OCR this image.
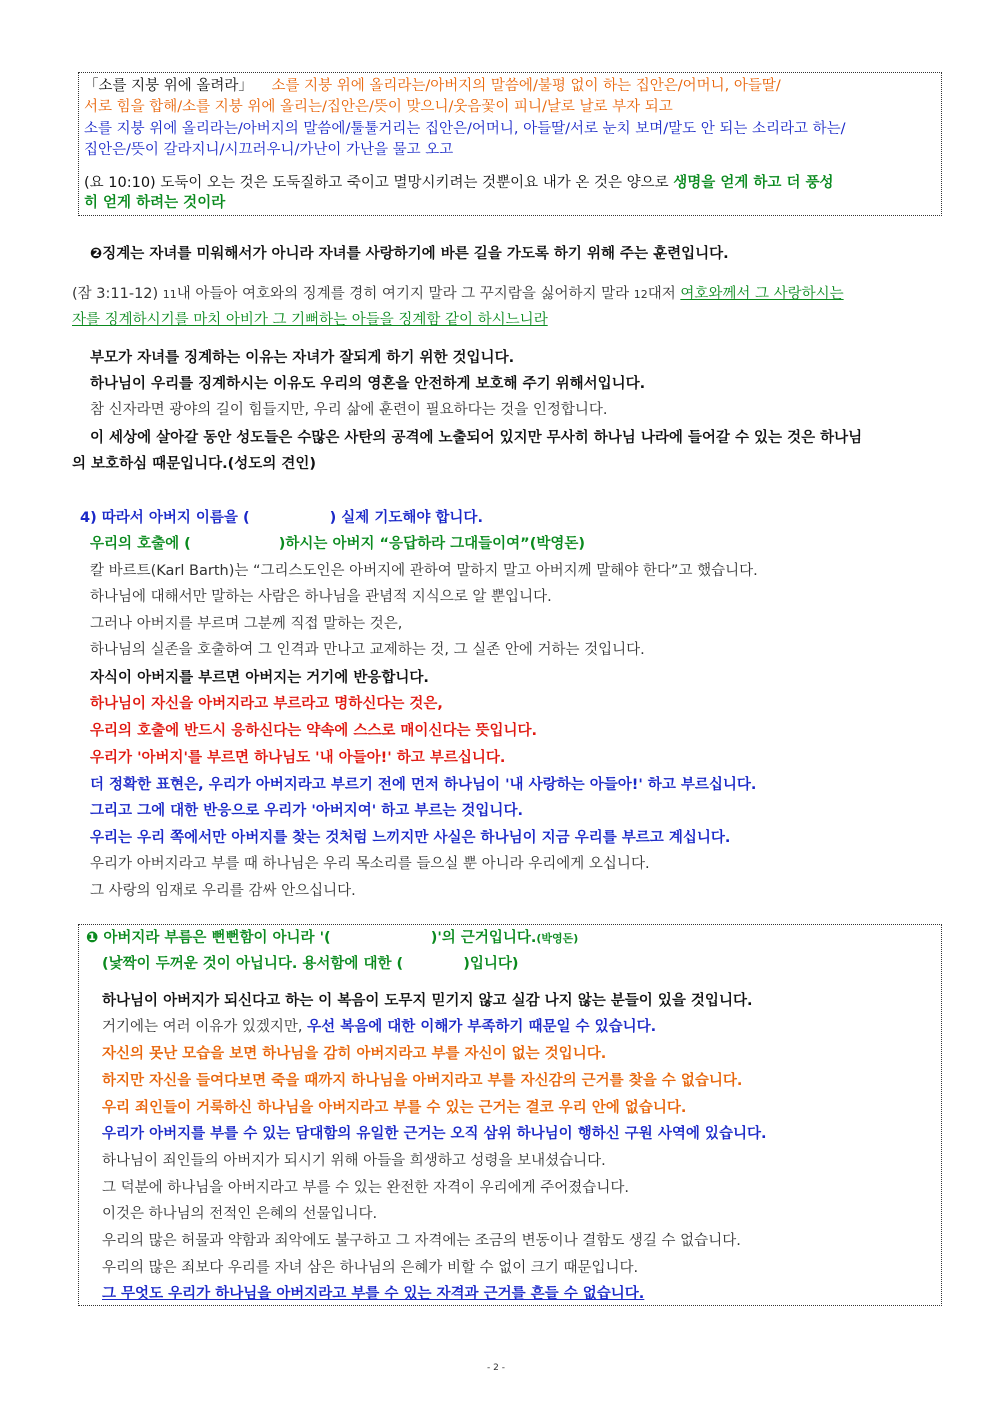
「소를 지붕 위에 올려라」 소를 지붕 위에 올리라는/아버지의 말씀에/불평 없이 하는 집안은/어머니, 아들딸/
서로 힘을 합해/소를 지붕 위에 올리는/집안은/뜻이 맞으니/웃음꽃이 피니/날로 날로 부자 되고
소를 지붕 위에 올리라는/아버지의 말씀에/툴툴거리는 집안은/어머니, 아들딸/서로 눈치 보며/말도 안 되는 소리라고 하는/
집안은/뜻이 갈라지니/시끄러우니/가난이 가난을 물고 오고
(요 10:10) 도둑이 오는 것은 도둑질하고 죽이고 멸망시키려는 것뿐이요 내가 온 것은 양으로 생명을 얻게 하고 더 풍성
히 얻게 하려는 것이라
❷징계는 자녀를 미워해서가 아니라 자녀를 사랑하기에 바른 길을 가도록 하기 위해 주는 훈련입니다.
(잠 3:11-12) 11내 아들아 여호와의 징계를 경히 여기지 말라 그 꾸지람을 싫어하지 말라 12대저 여호와께서 그 사랑하시는
자를 징계하시기를 마치 아비가 그 기뻐하는 아들을 징계함 같이 하시느니라
부모가 자녀를 징계하는 이유는 자녀가 잘되게 하기 위한 것입니다.
하나님이 우리를 징계하시는 이유도 우리의 영혼을 안전하게 보호해 주기 위해서입니다.
참 신자라면 광야의 길이 힘들지만, 우리 삶에 훈련이 필요하다는 것을 인정합니다.
이 세상에 살아갈 동안 성도들은 수많은 사탄의 공격에 노출되어 있지만 무사히 하나님 나라에 들어갈 수 있는 것은 하나님
의 보호하심 때문입니다.(성도의 견인)
4) 따라서 아버지 이름을 (	) 실제 기도해야 합니다.
우리의 호출에 (	)하시는 아버지 “응답하라 그대들이여”(박영돈)
칼 바르트(Karl Barth)는 “그리스도인은 아버지에 관하여 말하지 말고 아버지께 말해야 한다”고 했습니다.
하나님에 대해서만 말하는 사람은 하나님을 관념적 지식으로 알 뿐입니다.
그러나 아버지를 부르며 그분께 직접 말하는 것은,
하나님의 실존을 호출하여 그 인격과 만나고 교제하는 것, 그 실존 안에 거하는 것입니다.
자식이 아버지를 부르면 아버지는 거기에 반응합니다.
하나님이 자신을 아버지라고 부르라고 명하신다는 것은,
우리의 호출에 반드시 응하신다는 약속에 스스로 매이신다는 뜻입니다.
우리가 '아버지'를 부르면 하나님도 '내 아들아!' 하고 부르십니다.
더 정확한 표현은, 우리가 아버지라고 부르기 전에 먼저 하나님이 '내 사랑하는 아들아!' 하고 부르십니다.
그리고 그에 대한 반응으로 우리가 '아버지여' 하고 부르는 것입니다.
우리는 우리 쪽에서만 아버지를 찾는 것처럼 느끼지만 사실은 하나님이 지금 우리를 부르고 계십니다.
우리가 아버지라고 부를 때 하나님은 우리 목소리를 들으실 뿐 아니라 우리에게 오십니다.
그 사랑의 임재로 우리를 감싸 안으십니다.
❶ 아버지라 부름은 뻔뻔함이 아니라 '(	)'의 근거입니다.(박영돈)
(낯짝이 두꺼운 것이 아닙니다. 용서함에 대한 (	)입니다)
하나님이 아버지가 되신다고 하는 이 복음이 도무지 믿기지 않고 실감 나지 않는 분들이 있을 것입니다.
거기에는 여러 이유가 있겠지만, 우선 복음에 대한 이해가 부족하기 때문일 수 있습니다.
자신의 못난 모습을 보면 하나님을 감히 아버지라고 부를 자신이 없는 것입니다.
하지만 자신을 들여다보면 죽을 때까지 하나님을 아버지라고 부를 자신감의 근거를 찾을 수 없습니다.
우리 죄인들이 거룩하신 하나님을 아버지라고 부를 수 있는 근거는 결코 우리 안에 없습니다.
우리가 아버지를 부를 수 있는 담대함의 유일한 근거는 오직 삼위 하나님이 행하신 구원 사역에 있습니다.
하나님이 죄인들의 아버지가 되시기 위해 아들을 희생하고 성령을 보내셨습니다.
그 덕분에 하나님을 아버지라고 부를 수 있는 완전한 자격이 우리에게 주어졌습니다.
이것은 하나님의 전적인 은혜의 선물입니다.
우리의 많은 허물과 약함과 죄악에도 불구하고 그 자격에는 조금의 변동이나 결함도 생길 수 없습니다.
우리의 많은 죄보다 우리를 자녀 삼은 하나님의 은혜가 비할 수 없이 크기 때문입니다.
그 무엇도 우리가 하나님을 아버지라고 부를 수 있는 자격과 근거를 흔들 수 없습니다.
- 2 -
